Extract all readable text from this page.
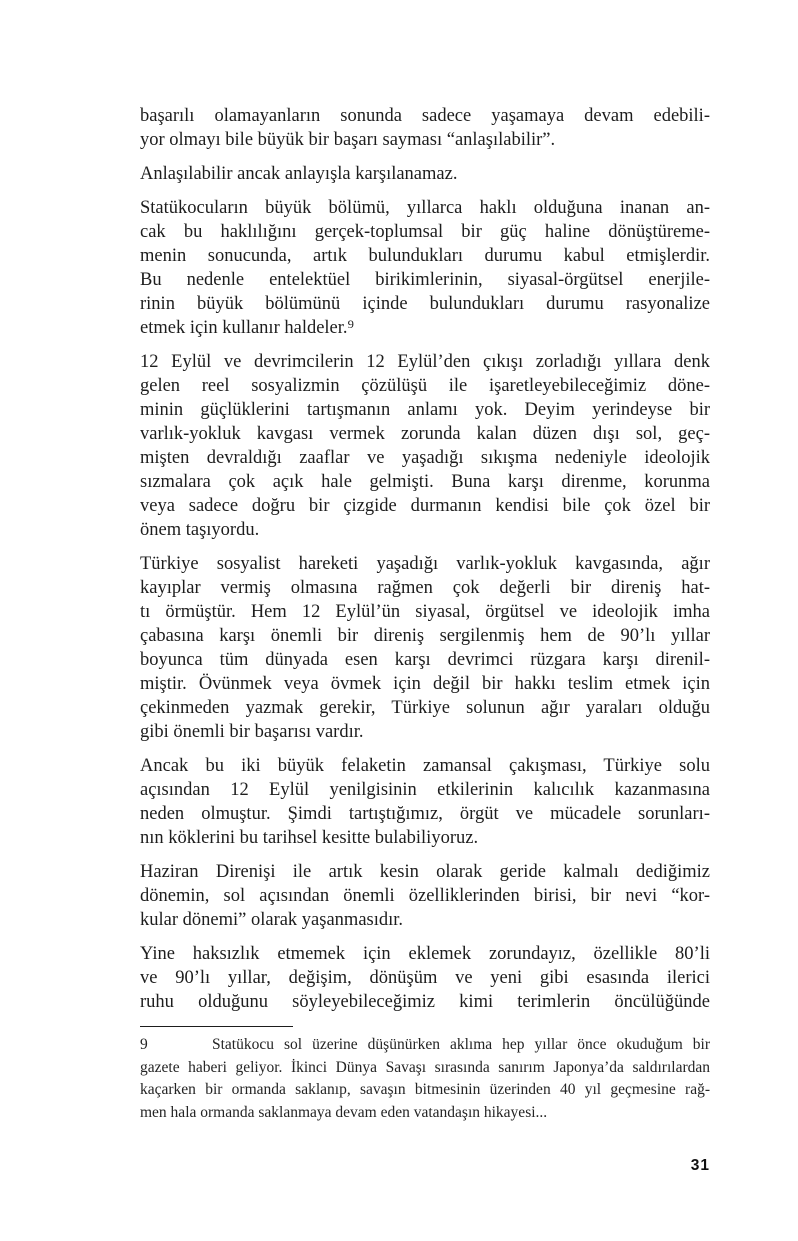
başarılı olamayanların sonunda sadece yaşamaya devam edebili-
yor olmayı bile büyük bir başarı sayması “anlaşılabilir”.
Anlaşılabilir ancak anlayışla karşılanamaz.
Statükocuların büyük bölümü, yıllarca haklı olduğuna inanan an-
cak bu haklılığını gerçek-toplumsal bir güç haline dönüştüreme-
menin sonucunda, artık bulundukları durumu kabul etmişlerdir.
Bu nedenle entelektüel birikimlerinin, siyasal-örgütsel enerjile-
rinin büyük bölümünü içinde bulundukları durumu rasyonalize
etmek için kullanır haldeler.⁹
12 Eylül ve devrimcilerin 12 Eylül’den çıkışı zorladığı yıllara denk
gelen reel sosyalizmin çözülüşü ile işaretleyebileceğimiz döne-
minin güçlüklerini tartışmanın anlamı yok. Deyim yerindeyse bir
varlık-yokluk kavgası vermek zorunda kalan düzen dışı sol, geç-
mişten devraldığı zaaflar ve yaşadığı sıkışma nedeniyle ideolojik
sızmalara çok açık hale gelmişti. Buna karşı direnme, korunma
veya sadece doğru bir çizgide durmanın kendisi bile çok özel bir
önem taşıyordu.
Türkiye sosyalist hareketi yaşadığı varlık-yokluk kavgasında, ağır
kayıplar vermiş olmasına rağmen çok değerli bir direniş hat-
tı örmüştür. Hem 12 Eylül’ün siyasal, örgütsel ve ideolojik imha
çabasına karşı önemli bir direniş sergilenmiş hem de 90’lı yıllar
boyunca tüm dünyada esen karşı devrimci rüzgara karşı direnil-
miştir. Övünmek veya övmek için değil bir hakkı teslim etmek için
çekinmeden yazmak gerekir, Türkiye solunun ağır yaraları olduğu
gibi önemli bir başarısı vardır.
Ancak bu iki büyük felaketin zamansal çakışması, Türkiye solu
açısından 12 Eylül yenilgisinin etkilerinin kalıcılık kazanmasına
neden olmuştur. Şimdi tartıştığımız, örgüt ve mücadele sorunları-
nın köklerini bu tarihsel kesitte bulabiliyoruz.
Haziran Direnişi ile artık kesin olarak geride kalmalı dediğimiz
dönemin, sol açısından önemli özelliklerinden birisi, bir nevi “kor-
kular dönemi” olarak yaşanmasıdır.
Yine haksızlık etmemek için eklemek zorundayız, özellikle 80’li
ve 90’lı yıllar, değişim, dönüşüm ve yeni gibi esasında ilerici
ruhu olduğunu söyleyebileceğimiz kimi terimlerin öncülüğünde
9	Statükocu sol üzerine düşünürken aklıma hep yıllar önce okuduğum bir
gazete haberi geliyor. İkinci Dünya Savaşı sırasında sanırım Japonya’da saldırılardan
kaçarken bir ormanda saklanıp, savaşın bitmesinin üzerinden 40 yıl geçmesine rağ-
men hala ormanda saklanmaya devam eden vatandaşın hikayesi...
31
